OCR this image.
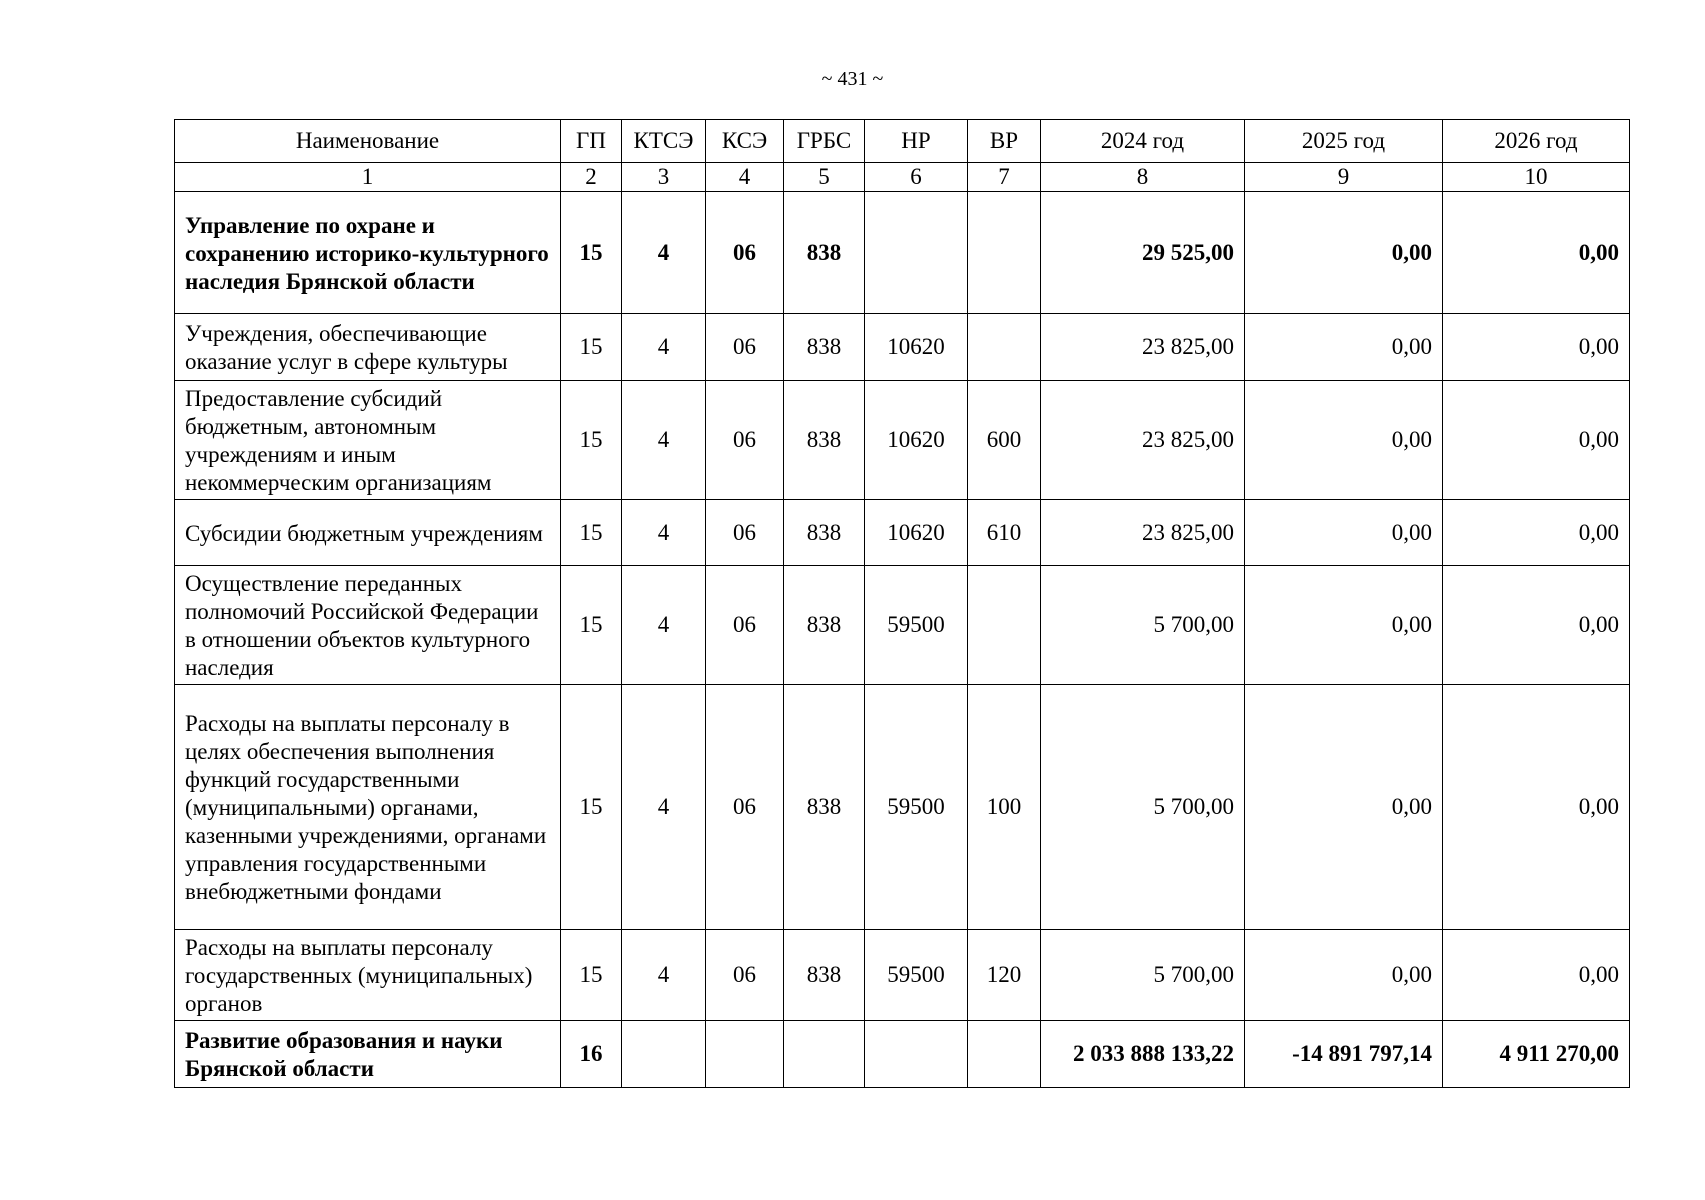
~ 431 ~
Наименование	ГП	КТСЭ	КСЭ	ГРБС	НР	ВР	2024 год	2025 год	2026 год
1	2	3	4	5	6	7	8	9	10
Управление по охране и сохранению историко-культурного наследия Брянской области	15	4	06	838			29 525,00	0,00	0,00
Учреждения, обеспечивающие оказание услуг в сфере культуры	15	4	06	838	10620		23 825,00	0,00	0,00
Предоставление субсидий бюджетным, автономным учреждениям и иным некоммерческим организациям	15	4	06	838	10620	600	23 825,00	0,00	0,00
Субсидии бюджетным учреждениям	15	4	06	838	10620	610	23 825,00	0,00	0,00
Осуществление переданных полномочий Российской Федерации в отношении объектов культурного наследия	15	4	06	838	59500		5 700,00	0,00	0,00
Расходы на выплаты персоналу в целях обеспечения выполнения функций государственными (муниципальными) органами, казенными учреждениями, органами управления государственными внебюджетными фондами	15	4	06	838	59500	100	5 700,00	0,00	0,00
Расходы на выплаты персоналу государственных (муниципальных) органов	15	4	06	838	59500	120	5 700,00	0,00	0,00
Развитие образования и науки Брянской области	16						2 033 888 133,22	-14 891 797,14	4 911 270,00
